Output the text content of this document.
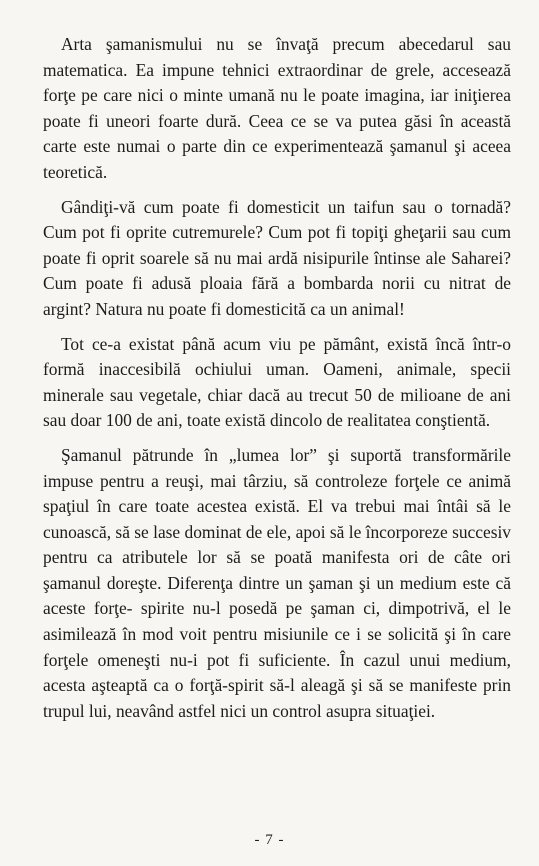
Arta şamanismului nu se învaţă precum abecedarul sau matematica. Ea impune tehnici extraordinar de grele, accesează forţe pe care nici o minte umană nu le poate imagina, iar iniţierea poate fi uneori foarte dură. Ceea ce se va putea găsi în această carte este numai o parte din ce experimentează şamanul şi aceea teoretică.

Gândiţi-vă cum poate fi domesticit un taifun sau o tornadă? Cum pot fi oprite cutremurele? Cum pot fi topiţi gheţarii sau cum poate fi oprit soarele să nu mai ardă nisipurile întinse ale Saharei? Cum poate fi adusă ploaia fără a bombarda norii cu nitrat de argint? Natura nu poate fi domesticită ca un animal!

Tot ce-a existat până acum viu pe pământ, există încă într-o formă inaccesibilă ochiului uman. Oameni, animale, specii minerale sau vegetale, chiar dacă au trecut 50 de milioane de ani sau doar 100 de ani, toate există dincolo de realitatea conştientă.

Şamanul pătrunde în „lumea lor” şi suportă transformările impuse pentru a reuşi, mai târziu, să controleze forţele ce animă spaţiul în care toate acestea există. El va trebui mai întâi să le cunoască, să se lase dominat de ele, apoi să le încorporeze succesiv pentru ca atributele lor să se poată manifesta ori de câte ori şamanul doreşte. Diferenţa dintre un şaman şi un medium este că aceste forţe- spirite nu-l posedă pe şaman ci, dimpotrivă, el le asimilează în mod voit pentru misiunile ce i se solicită şi în care forţele omeneşti nu-i pot fi suficiente. În cazul unui medium, acesta aşteaptă ca o forţă-spirit să-l aleagă şi să se manifeste prin trupul lui, neavând astfel nici un control asupra situaţiei.

- 7 -
